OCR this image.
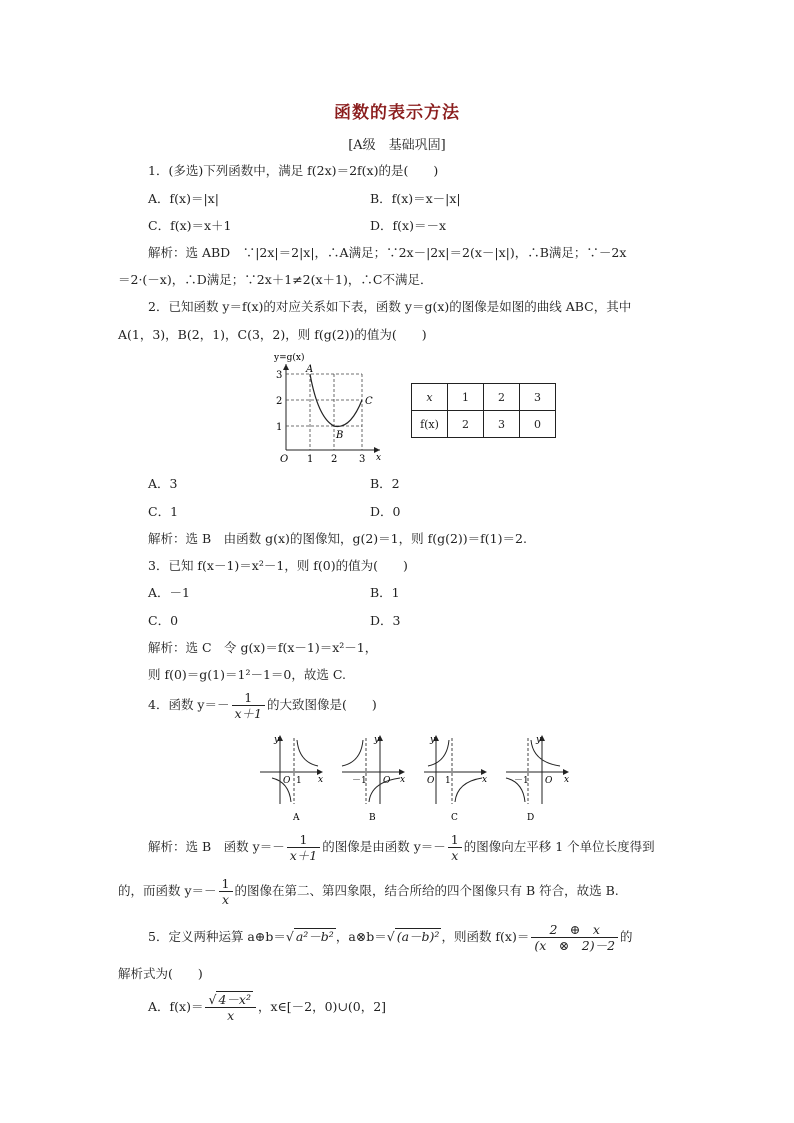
函数的表示方法
[A级　基础巩固]
1．(多选)下列函数中，满足 f(2x)＝2f(x)的是(　　)
A．f(x)＝|x|	B．f(x)＝x－|x|
C．f(x)＝x＋1	D．f(x)＝－x
解析：选 ABD　∵|2x|＝2|x|，∴A满足；∵2x－|2x|＝2(x－|x|)，∴B满足；∵－2x
＝2·(－x)，∴D满足；∵2x＋1≠2(x＋1)，∴C不满足．
2．已知函数 y＝f(x)的对应关系如下表，函数 y＝g(x)的图像是如图的曲线 ABC，其中
A(1，3)，B(2，1)，C(3，2)，则 f(g(2))的值为(　　)
y=g(x)
3
2
1
O 1 2 3 x
A
B
C	x	1	2	3
f(x)	2	3	0
A．3	B．2
C．1	D．0
解析：选 B　由函数 g(x)的图像知，g(2)＝1，则 f(g(2))＝f(1)＝2.
3．已知 f(x－1)＝x²－1，则 f(0)的值为(　　)
A．－1	B．1
C．0	D．3
解析：选 C　令 g(x)＝f(x－1)＝x²－1，
则 f(0)＝g(1)＝1²－1＝0，故选 C.
4．函数 $y=- \frac{1}{x+1}$ 的大致图像是(　　)
y
x
O 1
A
y
x
－1 O
B
y
x
O 1
C
y
x
－1 O
D
解析：选 B　函数 $y=- \frac{1}{x+1}$ 的图像是由函数 $y=- \frac{1}{x}$ 的图像向左平移 1 个单位长度得到
的，而函数 $y=- \frac{1}{x}$ 的图像在第二、第四象限，结合所给的四个图像只有 B 符合，故选 B.
5．定义两种运算 a⊕b＝√ a²－b² ，a⊗b＝√ (a－b)² ，则函数 $f(x)= \frac{2 \oplus x}{(x \otimes 2)-2}$ 的
解析式为(　　)
A．$f(x)= \frac{\text{√ 4－x²}}{x}$ ，x∈[－2，0)∪(0，2]
